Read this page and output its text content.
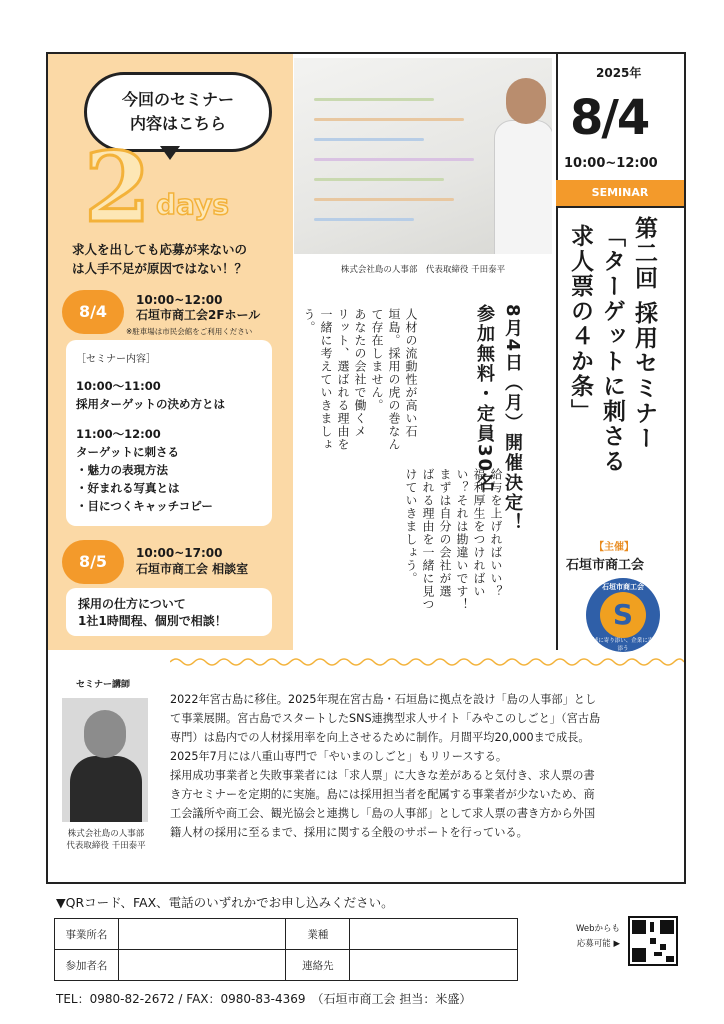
今回のセミナー
内容はこちら
2 days
求人を出しても応募が来ないの
は人手不足が原因ではない！？
8/4
10:00~12:00
石垣市商工会2Fホール
※駐車場は市民会館をご利用ください
［セミナー内容］
10:00〜11:00
採用ターゲットの決め方とは
11:00〜12:00
ターゲットに刺さる
・魅力の表現方法
・好まれる写真とは
・目につくキャッチコピー
8/5	10:00~17:00
石垣市商工会 相談室
採用の仕方について
1社1時間程、個別で相談！
株式会社島の人事部　代表取締役 千田泰平
給与を上げればいい？
福利厚生をつければい
い？それは勘違いです！
まずは自分の会社が選
ばれる理由を一緒に見つ
けていきましょう。
人材の流動性が高い石
垣島。採用の虎の巻なん
て存在しません。
あなたの会社で働くメ
リット、選ばれる理由を
一緒に考えていきましょ
う。	8月4日（月）開催決定！
参加無料・定員30名
2025年
8/4
10:00~12:00
SEMINAR
第二回 採用セミナー
「ターゲットに刺さる
求人票の４か条」
【主催】
石垣市商工会
S
石垣市商工会
地域に寄り添い、企業に寄り添う
セミナー講師
株式会社島の人事部
代表取締役 千田泰平
2022年宮古島に移住。2025年現在宮古島・石垣島に拠点を設け「島の人事部」とし
て事業展開。宮古島でスタートしたSNS連携型求人サイト「みやこのしごと」（宮古島
専門）は島内での人材採用率を向上させるために制作。月間平均20,000まで成長。
2025年7月には八重山専門で「やいまのしごと」もリリースする。
採用成功事業者と失敗事業者には「求人票」に大きな差があると気付き、求人票の書
き方セミナーを定期的に実施。島には採用担当者を配属する事業者が少ないため、商
工会議所や商工会、観光協会と連携し「島の人事部」として求人票の書き方から外国
籍人材の採用に至るまで、採用に関する全般のサポートを行っている。
▼QRコード、FAX、電話のいずれかでお申し込みください。
事業所名		業種	
参加者名		連絡先	
Webからも
応募可能 ▶
TEL：0980-82-2672 / FAX：0980-83-4369　（石垣市商工会 担当：米盛）
